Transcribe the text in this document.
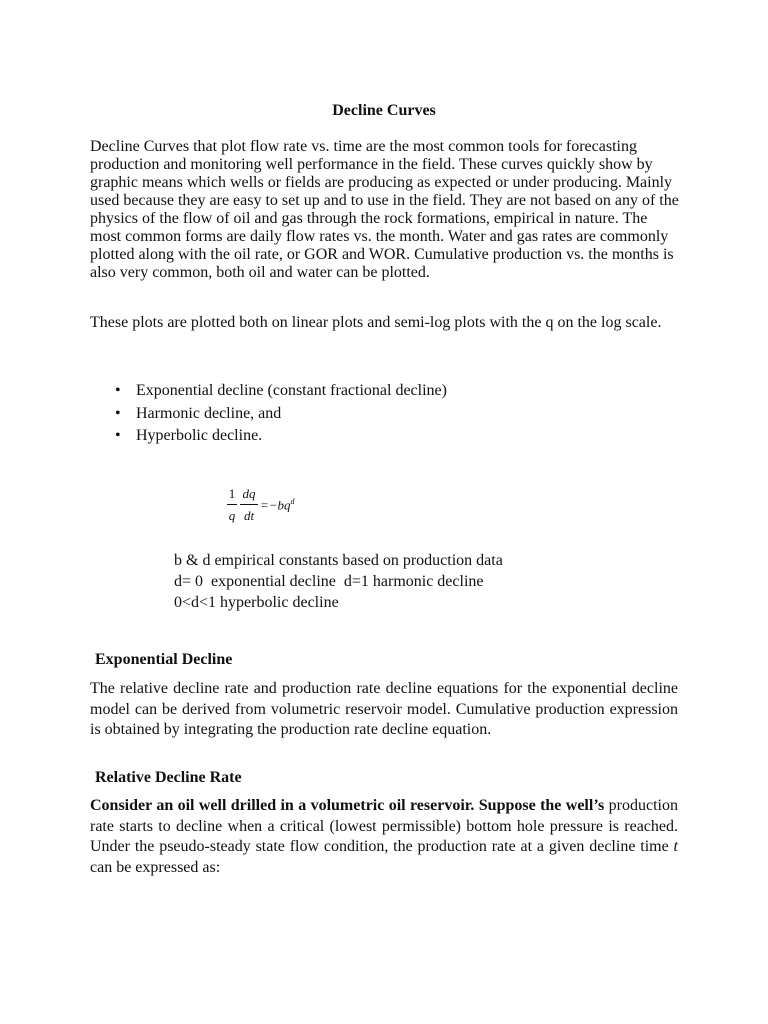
Decline Curves
Decline Curves that plot flow rate vs. time are the most common tools for forecasting production and monitoring well performance in the field. These curves quickly show by graphic means which wells or fields are producing as expected or under producing. Mainly used because they are easy to set up and to use in the field. They are not based on any of the physics of the flow of oil and gas through the rock formations, empirical in nature. The most common forms are daily flow rates vs. the month. Water and gas rates are commonly plotted along with the oil rate, or GOR and WOR. Cumulative production vs. the months is also very common, both oil and water can be plotted.
These plots are plotted both on linear plots and semi-log plots with the q on the log scale.
• Exponential decline (constant fractional decline)
• Harmonic decline, and
• Hyperbolic decline.
1
q
dq
dt
$=-bq^d$
b & d empirical constants based on production data
d= 0  exponential decline  d=1 harmonic decline
0<d<1 hyperbolic decline
Exponential Decline
The relative decline rate and production rate decline equations for the exponential decline model can be derived from volumetric reservoir model. Cumulative production expression is obtained by integrating the production rate decline equation.
Relative Decline Rate
Consider an oil well drilled in a volumetric oil reservoir. Suppose the well’s production rate starts to decline when a critical (lowest permissible) bottom hole pressure is reached. Under the pseudo-steady state flow condition, the production rate at a given decline time t can be expressed as:
